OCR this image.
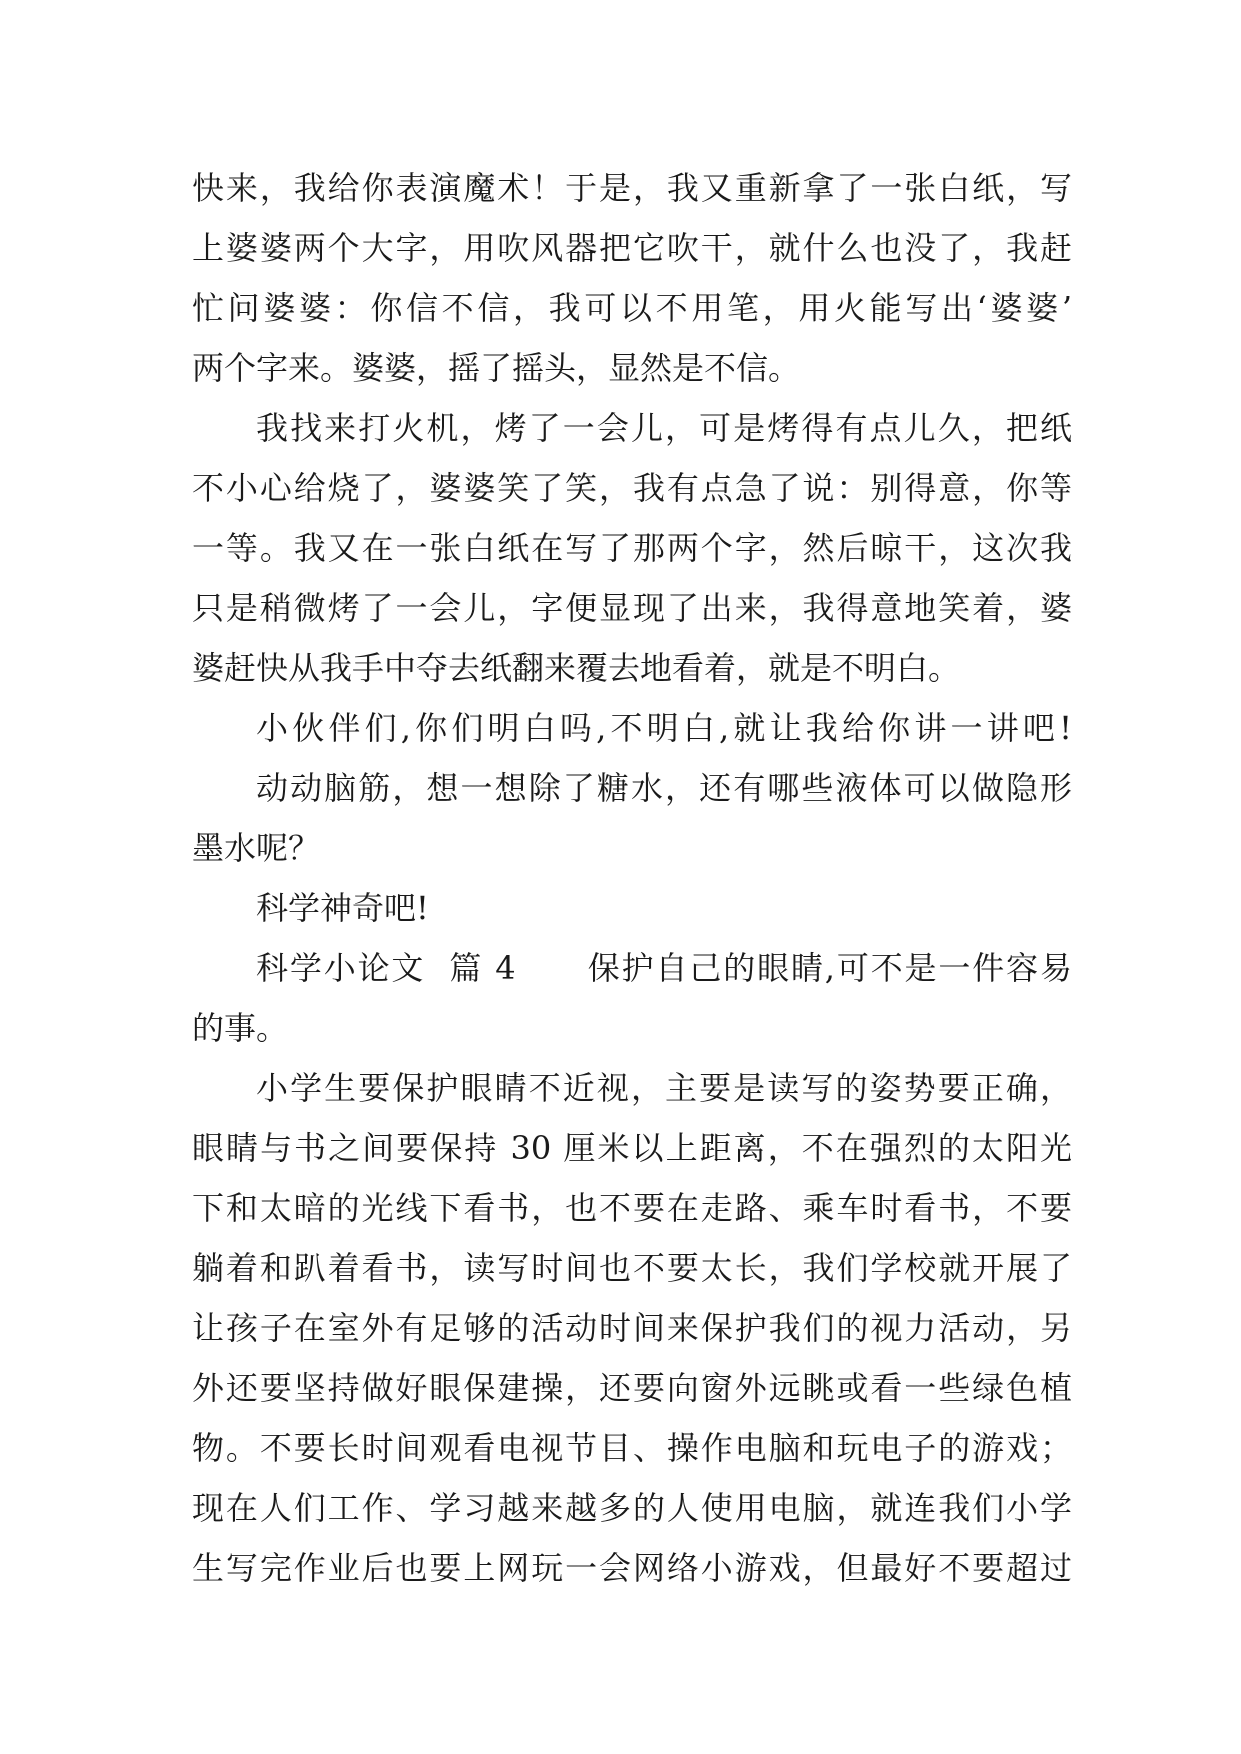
快来，我给你表演魔术！于是，我又重新拿了一张白纸，写
上婆婆两个大字，用吹风器把它吹干，就什么也没了，我赶
忙问婆婆：你信不信，我可以不用笔，用火能写出‘婆婆’
两个字来。婆婆，摇了摇头，显然是不信。
我找来打火机，烤了一会儿，可是烤得有点儿久，把纸
不小心给烧了，婆婆笑了笑，我有点急了说：别得意，你等
一等。我又在一张白纸在写了那两个字，然后晾干，这次我
只是稍微烤了一会儿，字便显现了出来，我得意地笑着，婆
婆赶快从我手中夺去纸翻来覆去地看着，就是不明白。
小伙伴们,你们明白吗,不明白,就让我给你讲一讲吧!
动动脑筋，想一想除了糖水，还有哪些液体可以做隐形
墨水呢？
科学神奇吧!
科学小论文  篇 4      保护自己的眼睛,可不是一件容易
的事。
小学生要保护眼睛不近视，主要是读写的姿势要正确，
眼睛与书之间要保持 30 厘米以上距离，不在强烈的太阳光
下和太暗的光线下看书，也不要在走路、乘车时看书，不要
躺着和趴着看书，读写时间也不要太长，我们学校就开展了
让孩子在室外有足够的活动时间来保护我们的视力活动，另
外还要坚持做好眼保建操，还要向窗外远眺或看一些绿色植
物。不要长时间观看电视节目、操作电脑和玩电子的游戏；
现在人们工作、学习越来越多的人使用电脑，就连我们小学
生写完作业后也要上网玩一会网络小游戏，但最好不要超过
